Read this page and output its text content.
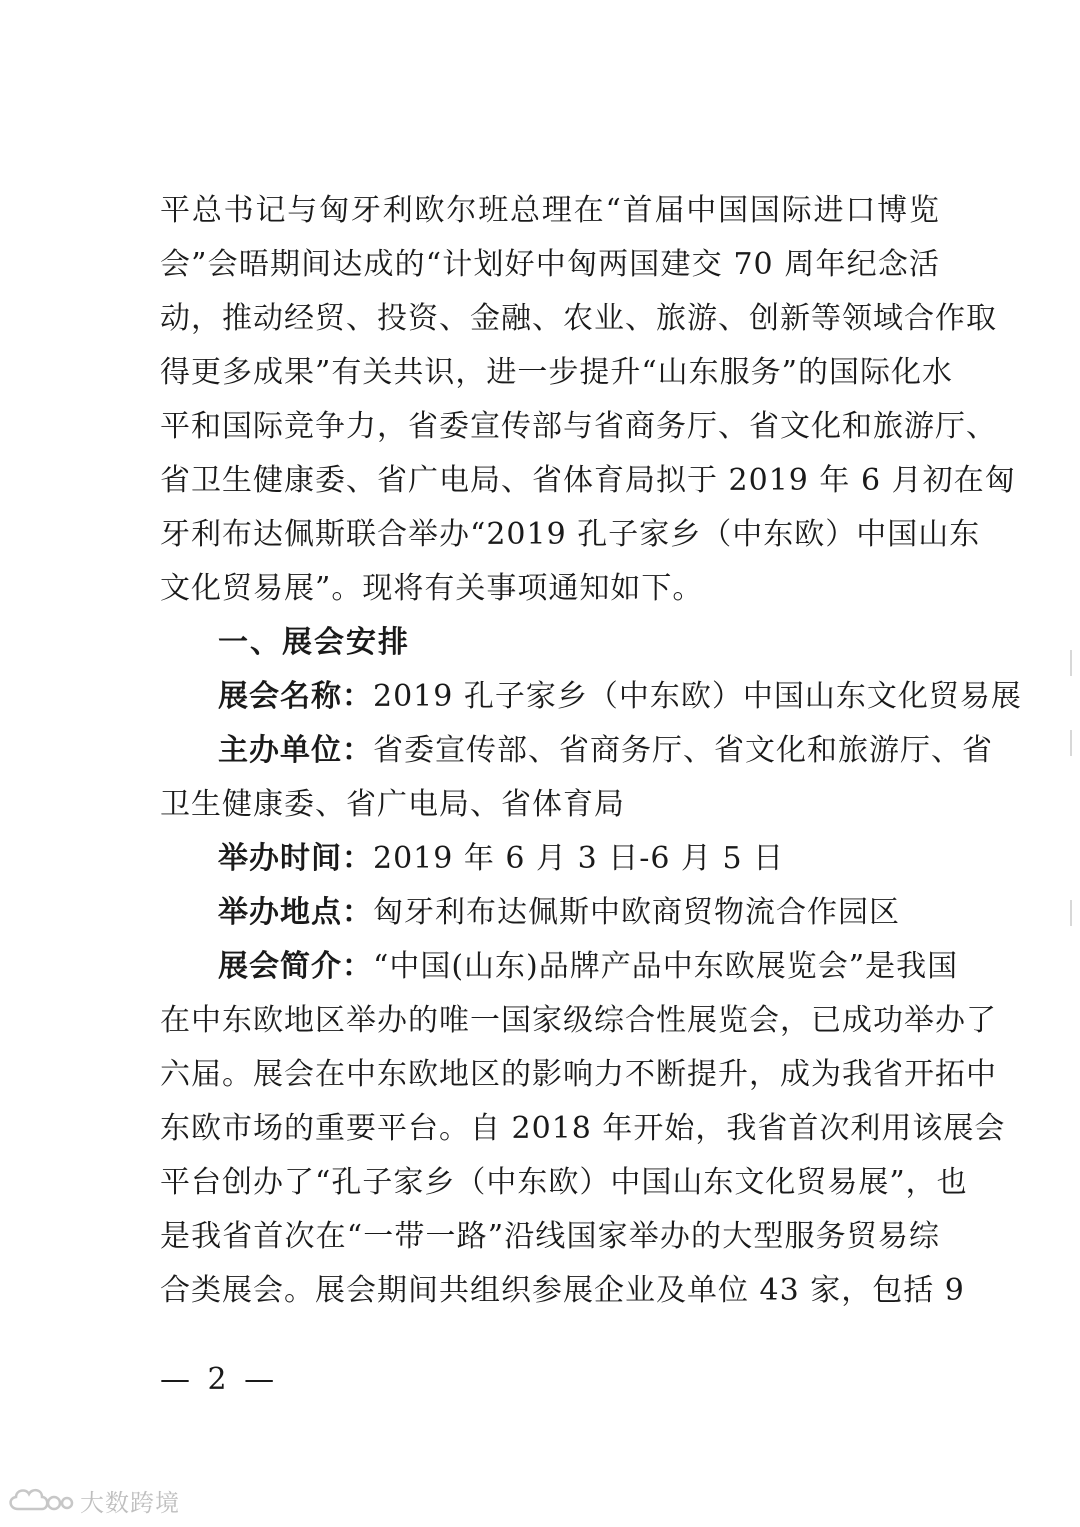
平总书记与匈牙利欧尔班总理在“首届中国国际进口博览
会”会晤期间达成的“计划好中匈两国建交 70 周年纪念活
动，推动经贸、投资、金融、农业、旅游、创新等领域合作取
得更多成果”有关共识，进一步提升“山东服务”的国际化水
平和国际竞争力，省委宣传部与省商务厅、省文化和旅游厅、
省卫生健康委、省广电局、省体育局拟于 2019 年 6 月初在匈
牙利布达佩斯联合举办“2019 孔子家乡（中东欧）中国山东
文化贸易展”。现将有关事项通知如下。
一、展会安排
展会名称：2019 孔子家乡（中东欧）中国山东文化贸易展
主办单位：省委宣传部、省商务厅、省文化和旅游厅、省
卫生健康委、省广电局、省体育局
举办时间：2019 年 6 月 3 日-6 月 5 日
举办地点：匈牙利布达佩斯中欧商贸物流合作园区
展会简介：“中国(山东)品牌产品中东欧展览会”是我国
在中东欧地区举办的唯一国家级综合性展览会，已成功举办了
六届。展会在中东欧地区的影响力不断提升，成为我省开拓中
东欧市场的重要平台。自 2018 年开始，我省首次利用该展会
平台创办了“孔子家乡（中东欧）中国山东文化贸易展”，也
是我省首次在“一带一路”沿线国家举办的大型服务贸易综
合类展会。展会期间共组织参展企业及单位 43 家，包括 9
— 2 —
大数跨境
